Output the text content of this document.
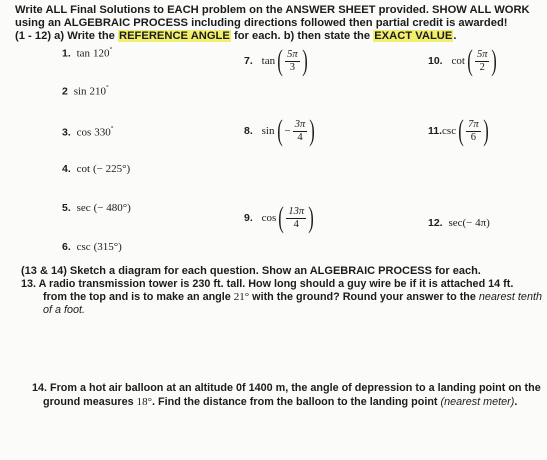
Write ALL Final Solutions to EACH problem on the ANSWER SHEET provided. SHOW ALL WORK
using an ALGEBRAIC PROCESS including directions followed then partial credit is awarded!
(1 - 12) a) Write the REFERENCE ANGLE for each. b) then state the EXACT VALUE.
1. tan 120°
2 sin 210°
3. cos 330°
4. cot (− 225°)
5. sec (− 480°)
6. csc (315°)
7.
tan ( $\frac{5\pi}{3}$ )
8.
sin ( − $\frac{3\pi}{4}$ )
9.
cos ( $\frac{13\pi}{4}$ )
10.
cot ( $\frac{5\pi}{2}$ )
11. csc ( $\frac{7\pi}{6}$ )
12. sec(− 4π)
(13 & 14) Sketch a diagram for each question. Show an ALGEBRAIC PROCESS for each.
13. A radio transmission tower is 230 ft. tall. How long should a guy wire be if it is attached 14 ft.
from the top and is to make an angle 21° with the ground? Round your answer to the nearest tenth
of a foot.
14. From a hot air balloon at an altitude 0f 1400 m, the angle of depression to a landing point on the
ground measures 18°. Find the distance from the balloon to the landing point (nearest meter).
